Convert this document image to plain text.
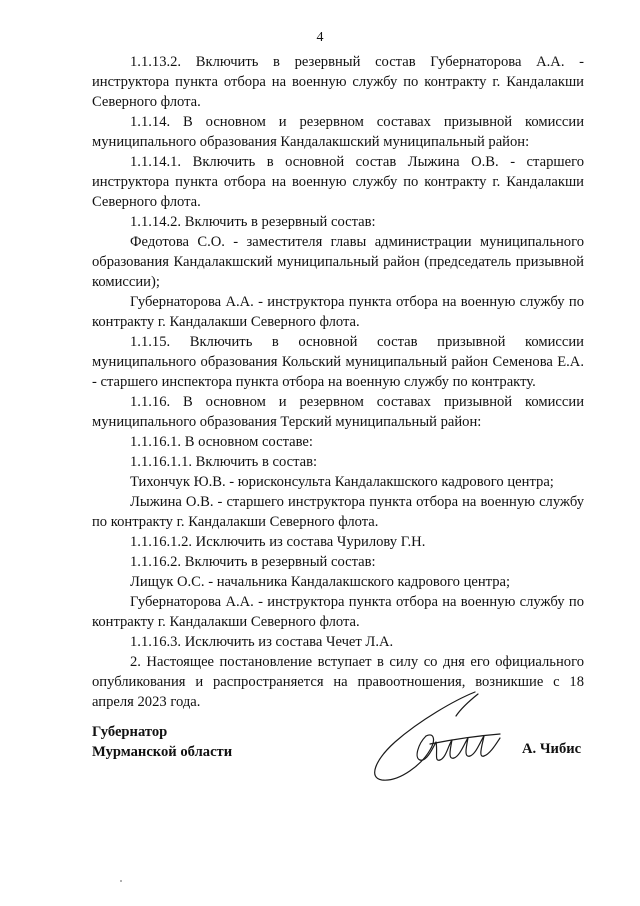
4

1.1.13.2. Включить в резервный состав Губернаторова А.А. - инструктора пункта отбора на военную службу по контракту г. Кандалакши Северного флота.

1.1.14. В основном и резервном составах призывной комиссии муниципального образования Кандалакшский муниципальный район:

1.1.14.1. Включить в основной состав Лыжина О.В. - старшего инструктора пункта отбора на военную службу по контракту г. Кандалакши Северного флота.

1.1.14.2. Включить в резервный состав:

Федотова С.О. - заместителя главы администрации муниципального образования Кандалакшский муниципальный район (председатель призывной комиссии);

Губернаторова А.А. - инструктора пункта отбора на военную службу по контракту г. Кандалакши Северного флота.

1.1.15. Включить в основной состав призывной комиссии муниципального образования Кольский муниципальный район Семенова Е.А. - старшего инспектора пункта отбора на военную службу по контракту.

1.1.16. В основном и резервном составах призывной комиссии муниципального образования Терский муниципальный район:

1.1.16.1. В основном составе:

1.1.16.1.1. Включить в состав:

Тихончук Ю.В. - юрисконсульта Кандалакшского кадрового центра;

Лыжина О.В. - старшего инструктора пункта отбора на военную службу по контракту г. Кандалакши Северного флота.

1.1.16.1.2. Исключить из состава Чурилову Г.Н.

1.1.16.2. Включить в резервный состав:

Лищук О.С. - начальника Кандалакшского кадрового центра;

Губернаторова А.А. - инструктора пункта отбора на военную службу по контракту г. Кандалакши Северного флота.

1.1.16.3. Исключить из состава Чечет Л.А.

2. Настоящее постановление вступает в силу со дня его официального опубликования и распространяется на правоотношения, возникшие с 18 апреля 2023 года.

Губернатор
Мурманской области	А. Чибис
